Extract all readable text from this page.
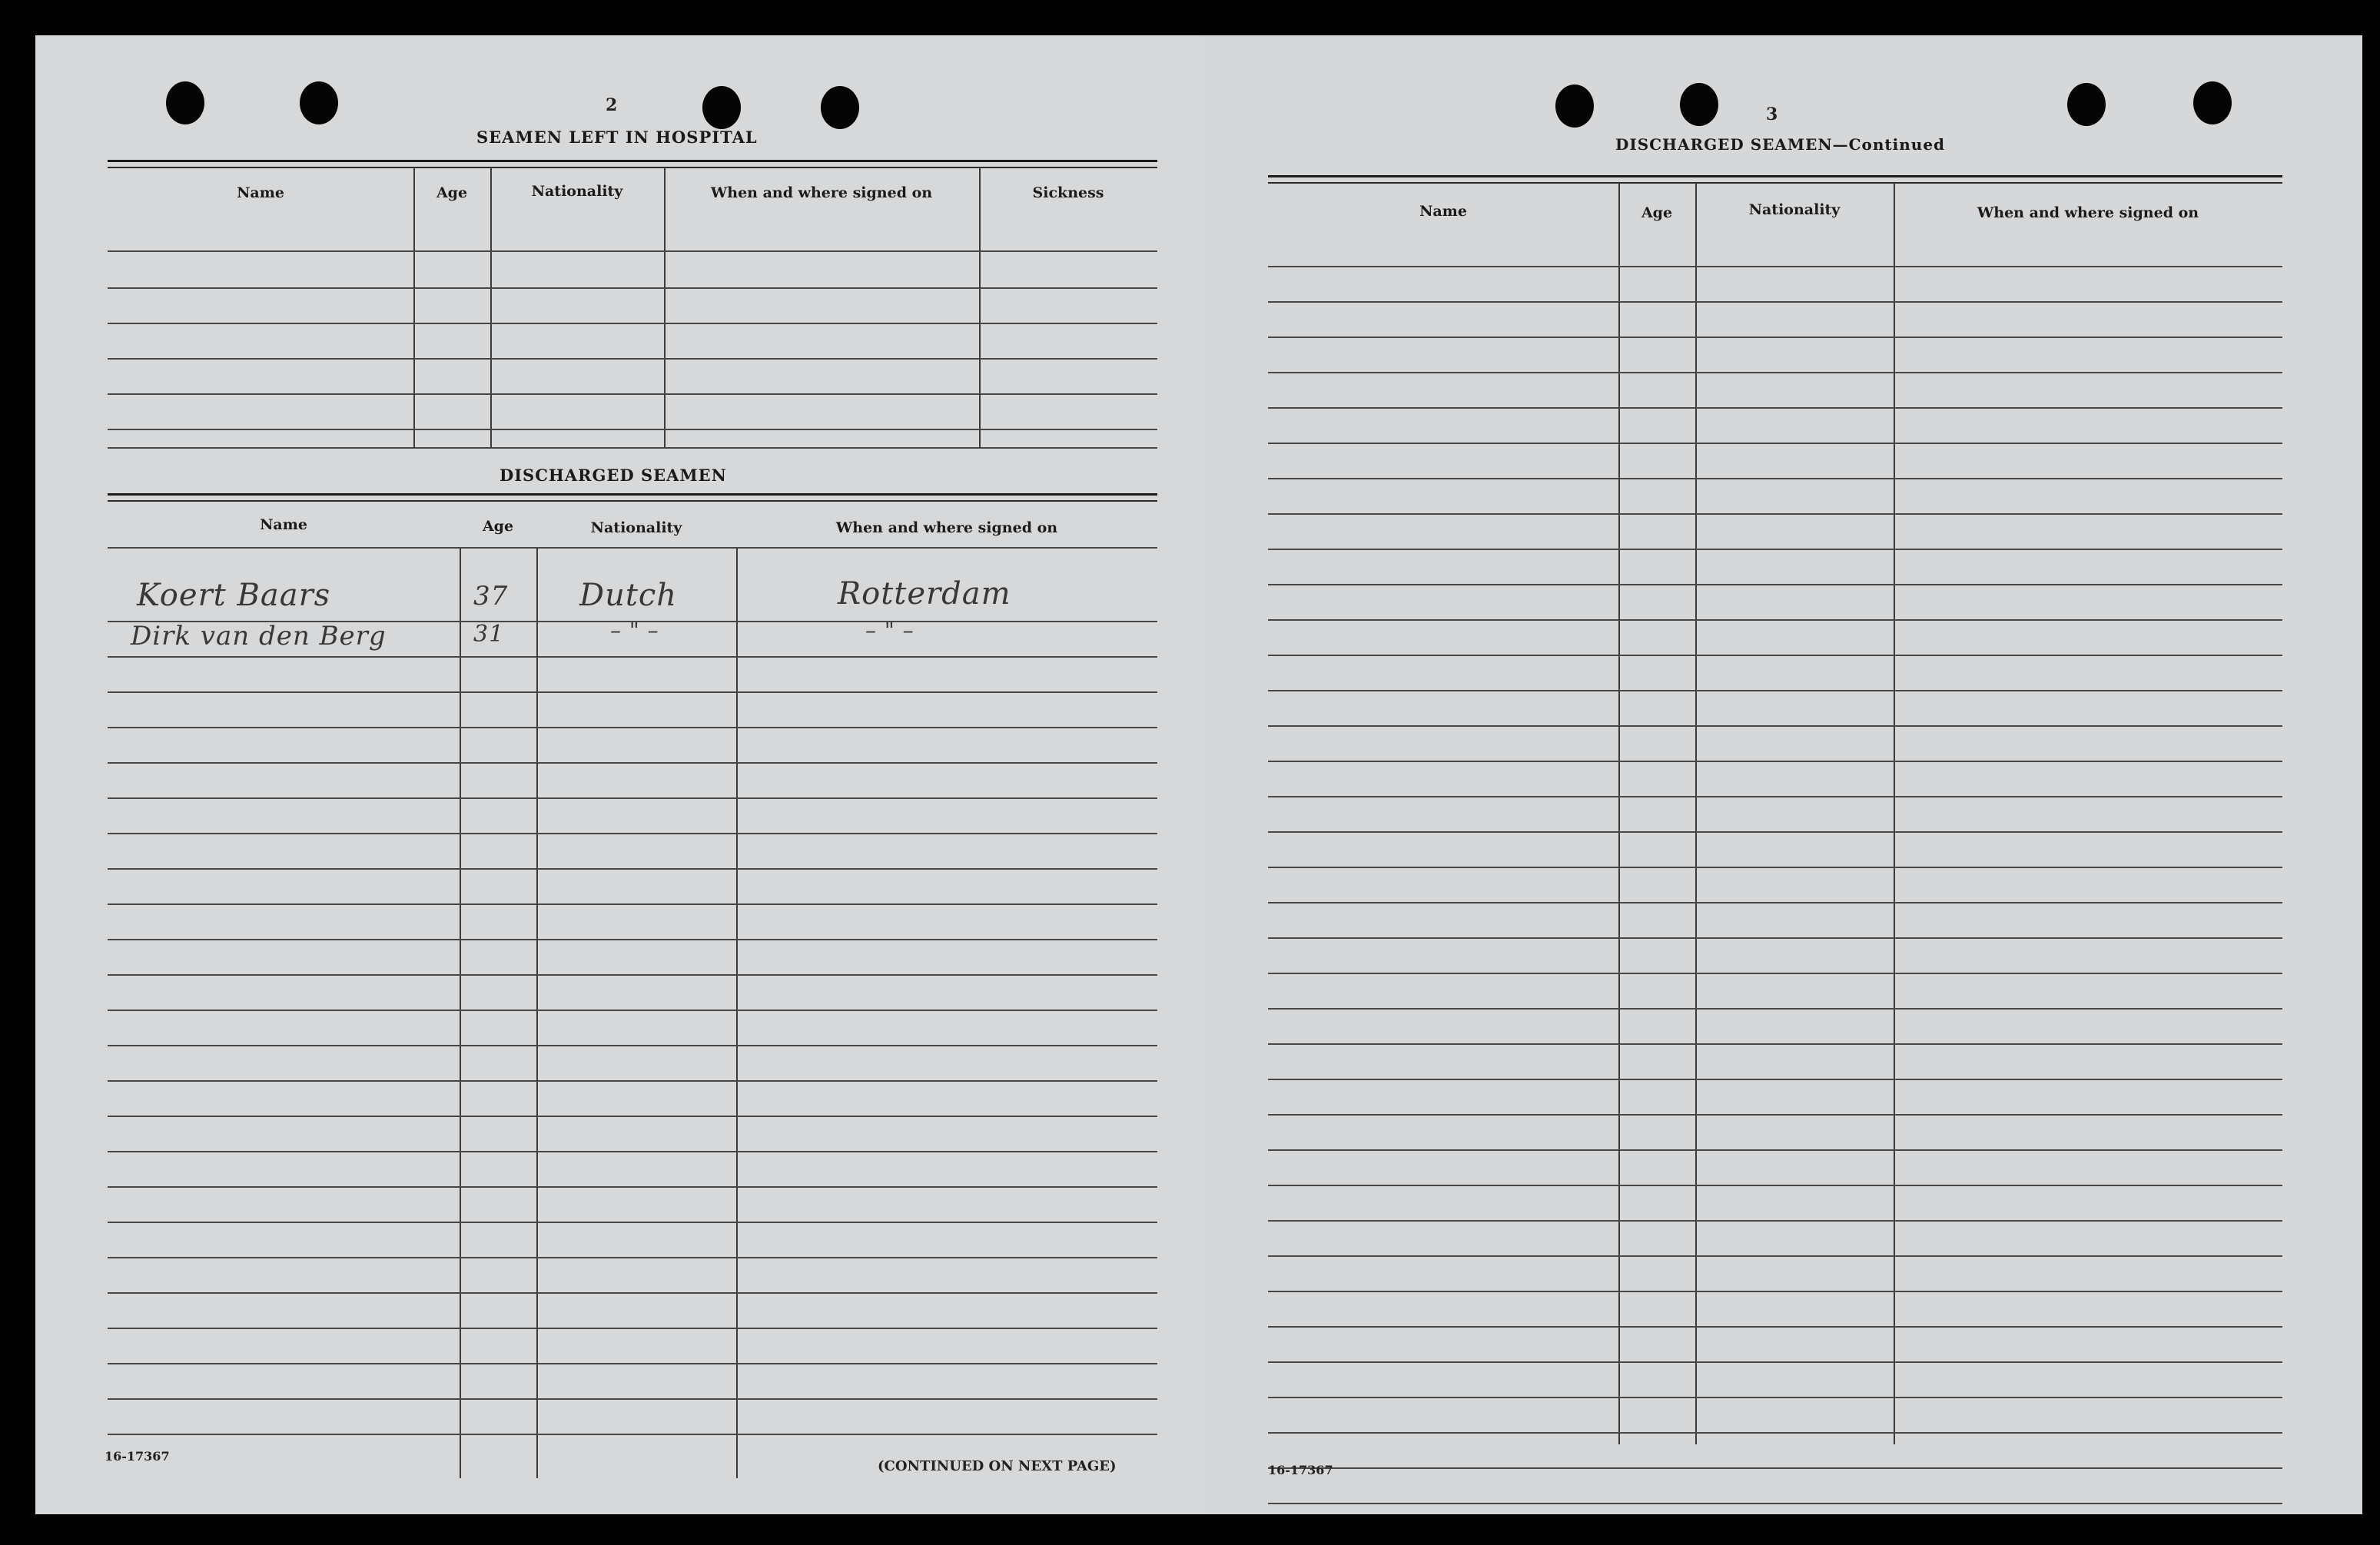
2
SEAMEN LEFT IN HOSPITAL
Name	Age	Nationality	When and where signed on	Sickness
DISCHARGED SEAMEN
Name	Age	Nationality	When and where signed on
Koert Baars	37 Dutch	Rotterdam
Dirk van den Berg	31	– " –	– " –
16-17367
(CONTINUED ON NEXT PAGE)
3
DISCHARGED SEAMEN—Continued
Name	Age	Nationality	When and where signed on
16-17367
